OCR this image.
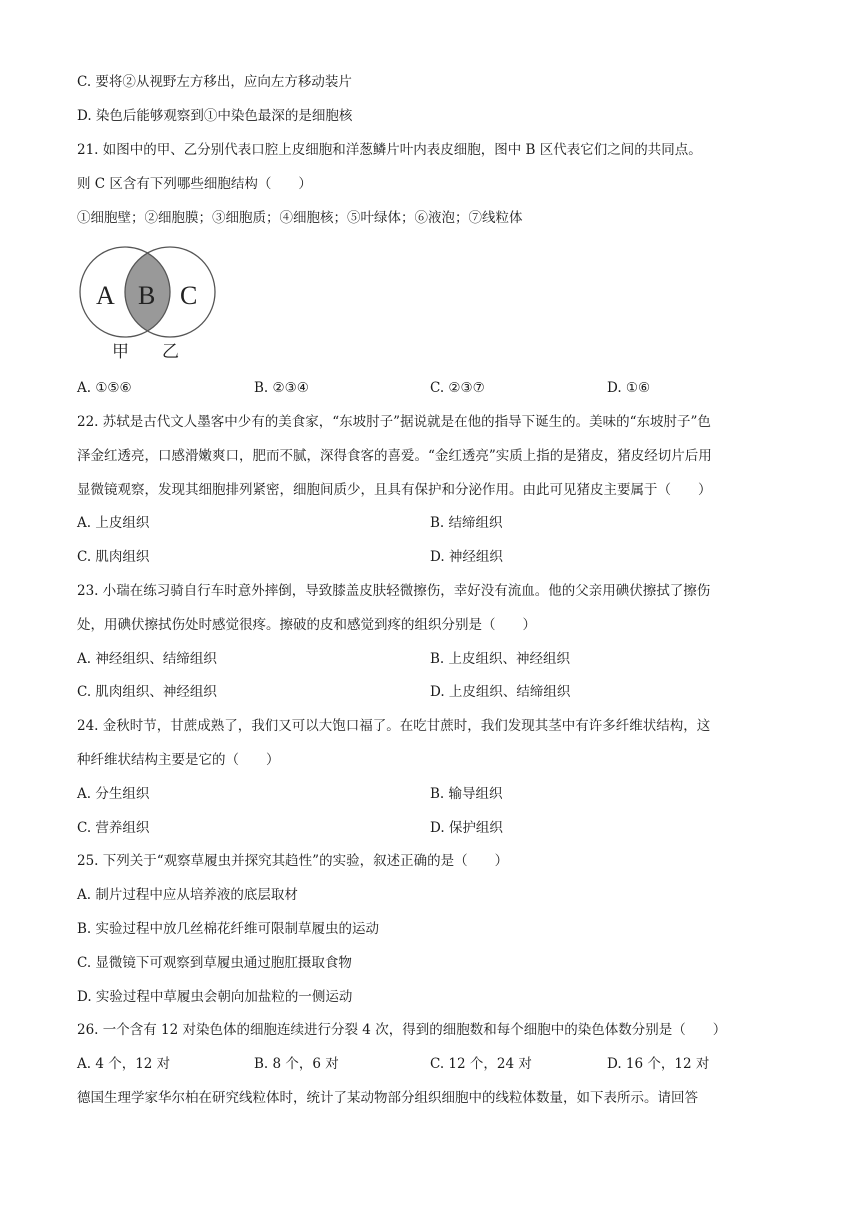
C. 要将②从视野左方移出，应向左方移动装片
D. 染色后能够观察到①中染色最深的是细胞核
21. 如图中的甲、乙分别代表口腔上皮细胞和洋葱鳞片叶内表皮细胞，图中 B 区代表它们之间的共同点。
则 C 区含有下列哪些细胞结构（　　）
①细胞壁；②细胞膜；③细胞质；④细胞核；⑤叶绿体；⑥液泡；⑦线粒体
A B C
甲 乙
A. ①⑤⑥	B. ②③④	C. ②③⑦	D. ①⑥
22. 苏轼是古代文人墨客中少有的美食家，“东坡肘子”据说就是在他的指导下诞生的。美味的“东坡肘子”色
泽金红透亮，口感滑嫩爽口，肥而不腻，深得食客的喜爱。“金红透亮”实质上指的是猪皮，猪皮经切片后用
显微镜观察，发现其细胞排列紧密，细胞间质少，且具有保护和分泌作用。由此可见猪皮主要属于（　　）
A. 上皮组织	B. 结缔组织
C. 肌肉组织	D. 神经组织
23. 小瑞在练习骑自行车时意外摔倒，导致膝盖皮肤轻微擦伤，幸好没有流血。他的父亲用碘伏擦拭了擦伤
处，用碘伏擦拭伤处时感觉很疼。擦破的皮和感觉到疼的组织分别是（　　）
A. 神经组织、结缔组织	B. 上皮组织、神经组织
C. 肌肉组织、神经组织	D. 上皮组织、结缔组织
24. 金秋时节，甘蔗成熟了，我们又可以大饱口福了。在吃甘蔗时，我们发现其茎中有许多纤维状结构，这
种纤维状结构主要是它的（　　）
A. 分生组织	B. 输导组织
C. 营养组织	D. 保护组织
25. 下列关于“观察草履虫并探究其趋性”的实验，叙述正确的是（　　）
A. 制片过程中应从培养液的底层取材
B. 实验过程中放几丝棉花纤维可限制草履虫的运动
C. 显微镜下可观察到草履虫通过胞肛摄取食物
D. 实验过程中草履虫会朝向加盐粒的一侧运动
26. 一个含有 12 对染色体的细胞连续进行分裂 4 次，得到的细胞数和每个细胞中的染色体数分别是（　　）
A. 4 个，12 对	B. 8 个，6 对	C. 12 个，24 对	D. 16 个，12 对
德国生理学家华尔柏在研究线粒体时，统计了某动物部分组织细胞中的线粒体数量，如下表所示。请回答
